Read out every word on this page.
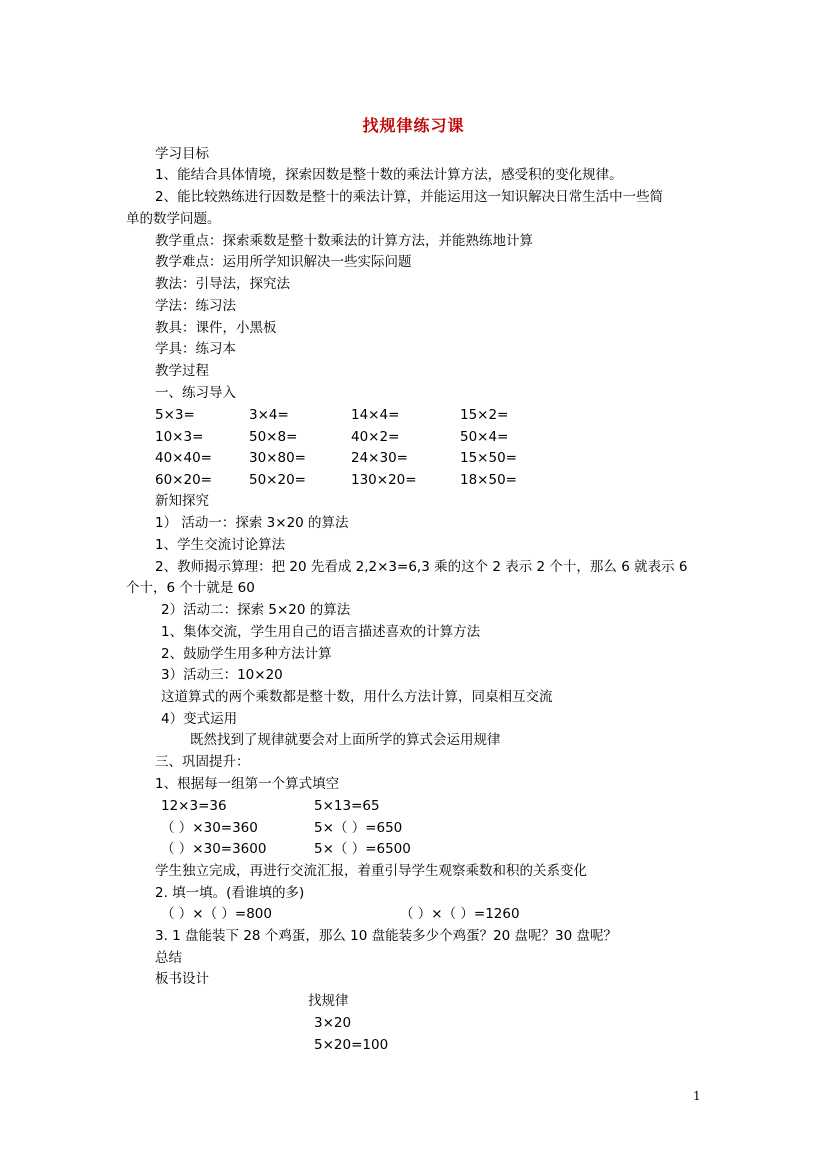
找规律练习课
学习目标
1、能结合具体情境，探索因数是整十数的乘法计算方法，感受积的变化规律。
2、能比较熟练进行因数是整十的乘法计算，并能运用这一知识解决日常生活中一些简
单的数学问题。
教学重点：探索乘数是整十数乘法的计算方法，并能熟练地计算
教学难点：运用所学知识解决一些实际问题
教法：引导法，探究法
学法：练习法
教具：课件，小黑板
学具：练习本
教学过程
一、练习导入
5×3=	3×4=	14×4=	15×2=
10×3=	50×8=	40×2=	50×4=
40×40=	30×80=	24×30=	15×50=
60×20=	50×20=	130×20=	18×50=
新知探究
1） 活动一：探索 3×20 的算法
1、学生交流讨论算法
2、教师揭示算理：把 20 先看成 2,2×3=6,3 乘的这个 2 表示 2 个十，那么 6 就表示 6
个十，6 个十就是 60
2）活动二：探索 5×20 的算法
1、集体交流，学生用自己的语言描述喜欢的计算方法
2、鼓励学生用多种方法计算
3）活动三：10×20
这道算式的两个乘数都是整十数，用什么方法计算，同桌相互交流
4）变式运用
既然找到了规律就要会对上面所学的算式会运用规律
三、巩固提升：
1、根据每一组第一个算式填空
12×3=36	5×13=65
（ ）×30=360	5×（ ）=650
（ ）×30=3600	5×（ ）=6500
学生独立完成，再进行交流汇报，着重引导学生观察乘数和积的关系变化
2. 填一填。(看谁填的多)
（ ）×（ ）=800	（ ）×（ ）=1260
3. 1 盘能装下 28 个鸡蛋，那么 10 盘能装多少个鸡蛋？20 盘呢？30 盘呢？
总结
板书设计
找规律
3×20
5×20=100
1
